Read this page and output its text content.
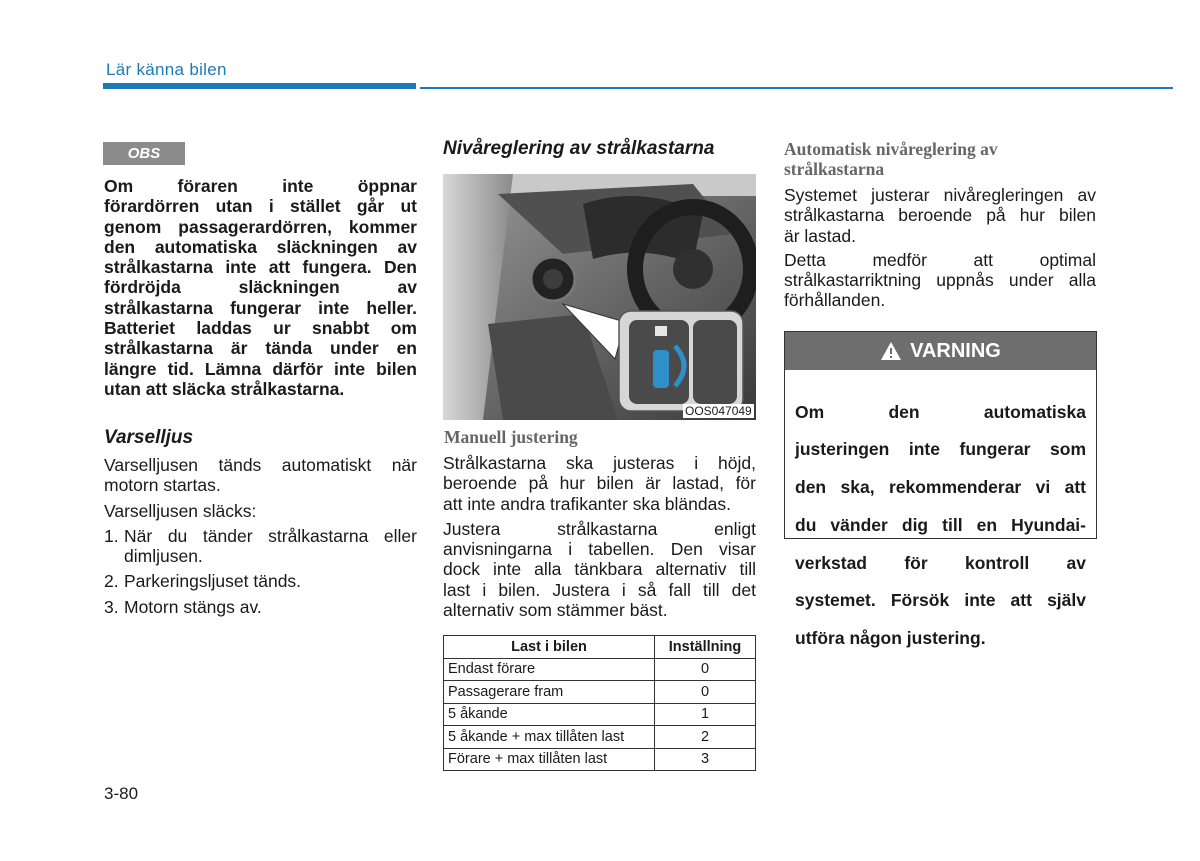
Lär känna bilen
OBS

Om föraren inte öppnar

förardörren utan i stället går ut

genom passagerardörren, kommer

den automatiska släckningen av

strålkastarna inte att fungera. Den

fördröjda släckningen av

strålkastarna fungerar inte heller.

Batteriet laddas ur snabbt om

strålkastarna är tända under en

längre tid. Lämna därför inte bilen

utan att släcka strålkastarna.

Varselljus

Varselljusen tänds automatiskt när

motorn startas.

Varselljusen släcks:

1. När du tänder strålkastarna eller

dimljusen.

2. Parkeringsljuset tänds.

3. Motorn stängs av.

Nivåreglering av strålkastarna
OOS047049
Manuell justering

Strålkastarna ska justeras i höjd,

beroende på hur bilen är lastad, för

att inte andra trafikanter ska bländas.

Justera strålkastarna enligt

anvisningarna i tabellen. Den visar

dock inte alla tänkbara alternativ till

last i bilen. Justera i så fall till det

alternativ som stämmer bäst.

Last i bilen	Inställning
Endast förare	0
Passagerare fram	0
5 åkande	1
5 åkande + max tillåten last	2
Förare + max tillåten last	3

Automatisk nivåreglering av

strålkastarna

Systemet justerar nivåregleringen av

strålkastarna beroende på hur bilen

är lastad.

Detta medför att optimal

strålkastarriktning uppnås under alla

förhållanden.

VARNING

Om den automatiska

justeringen inte fungerar som

den ska, rekommenderar vi att

du vänder dig till en Hyundai-

verkstad för kontroll av

systemet. Försök inte att själv

utföra någon justering.

3-80
